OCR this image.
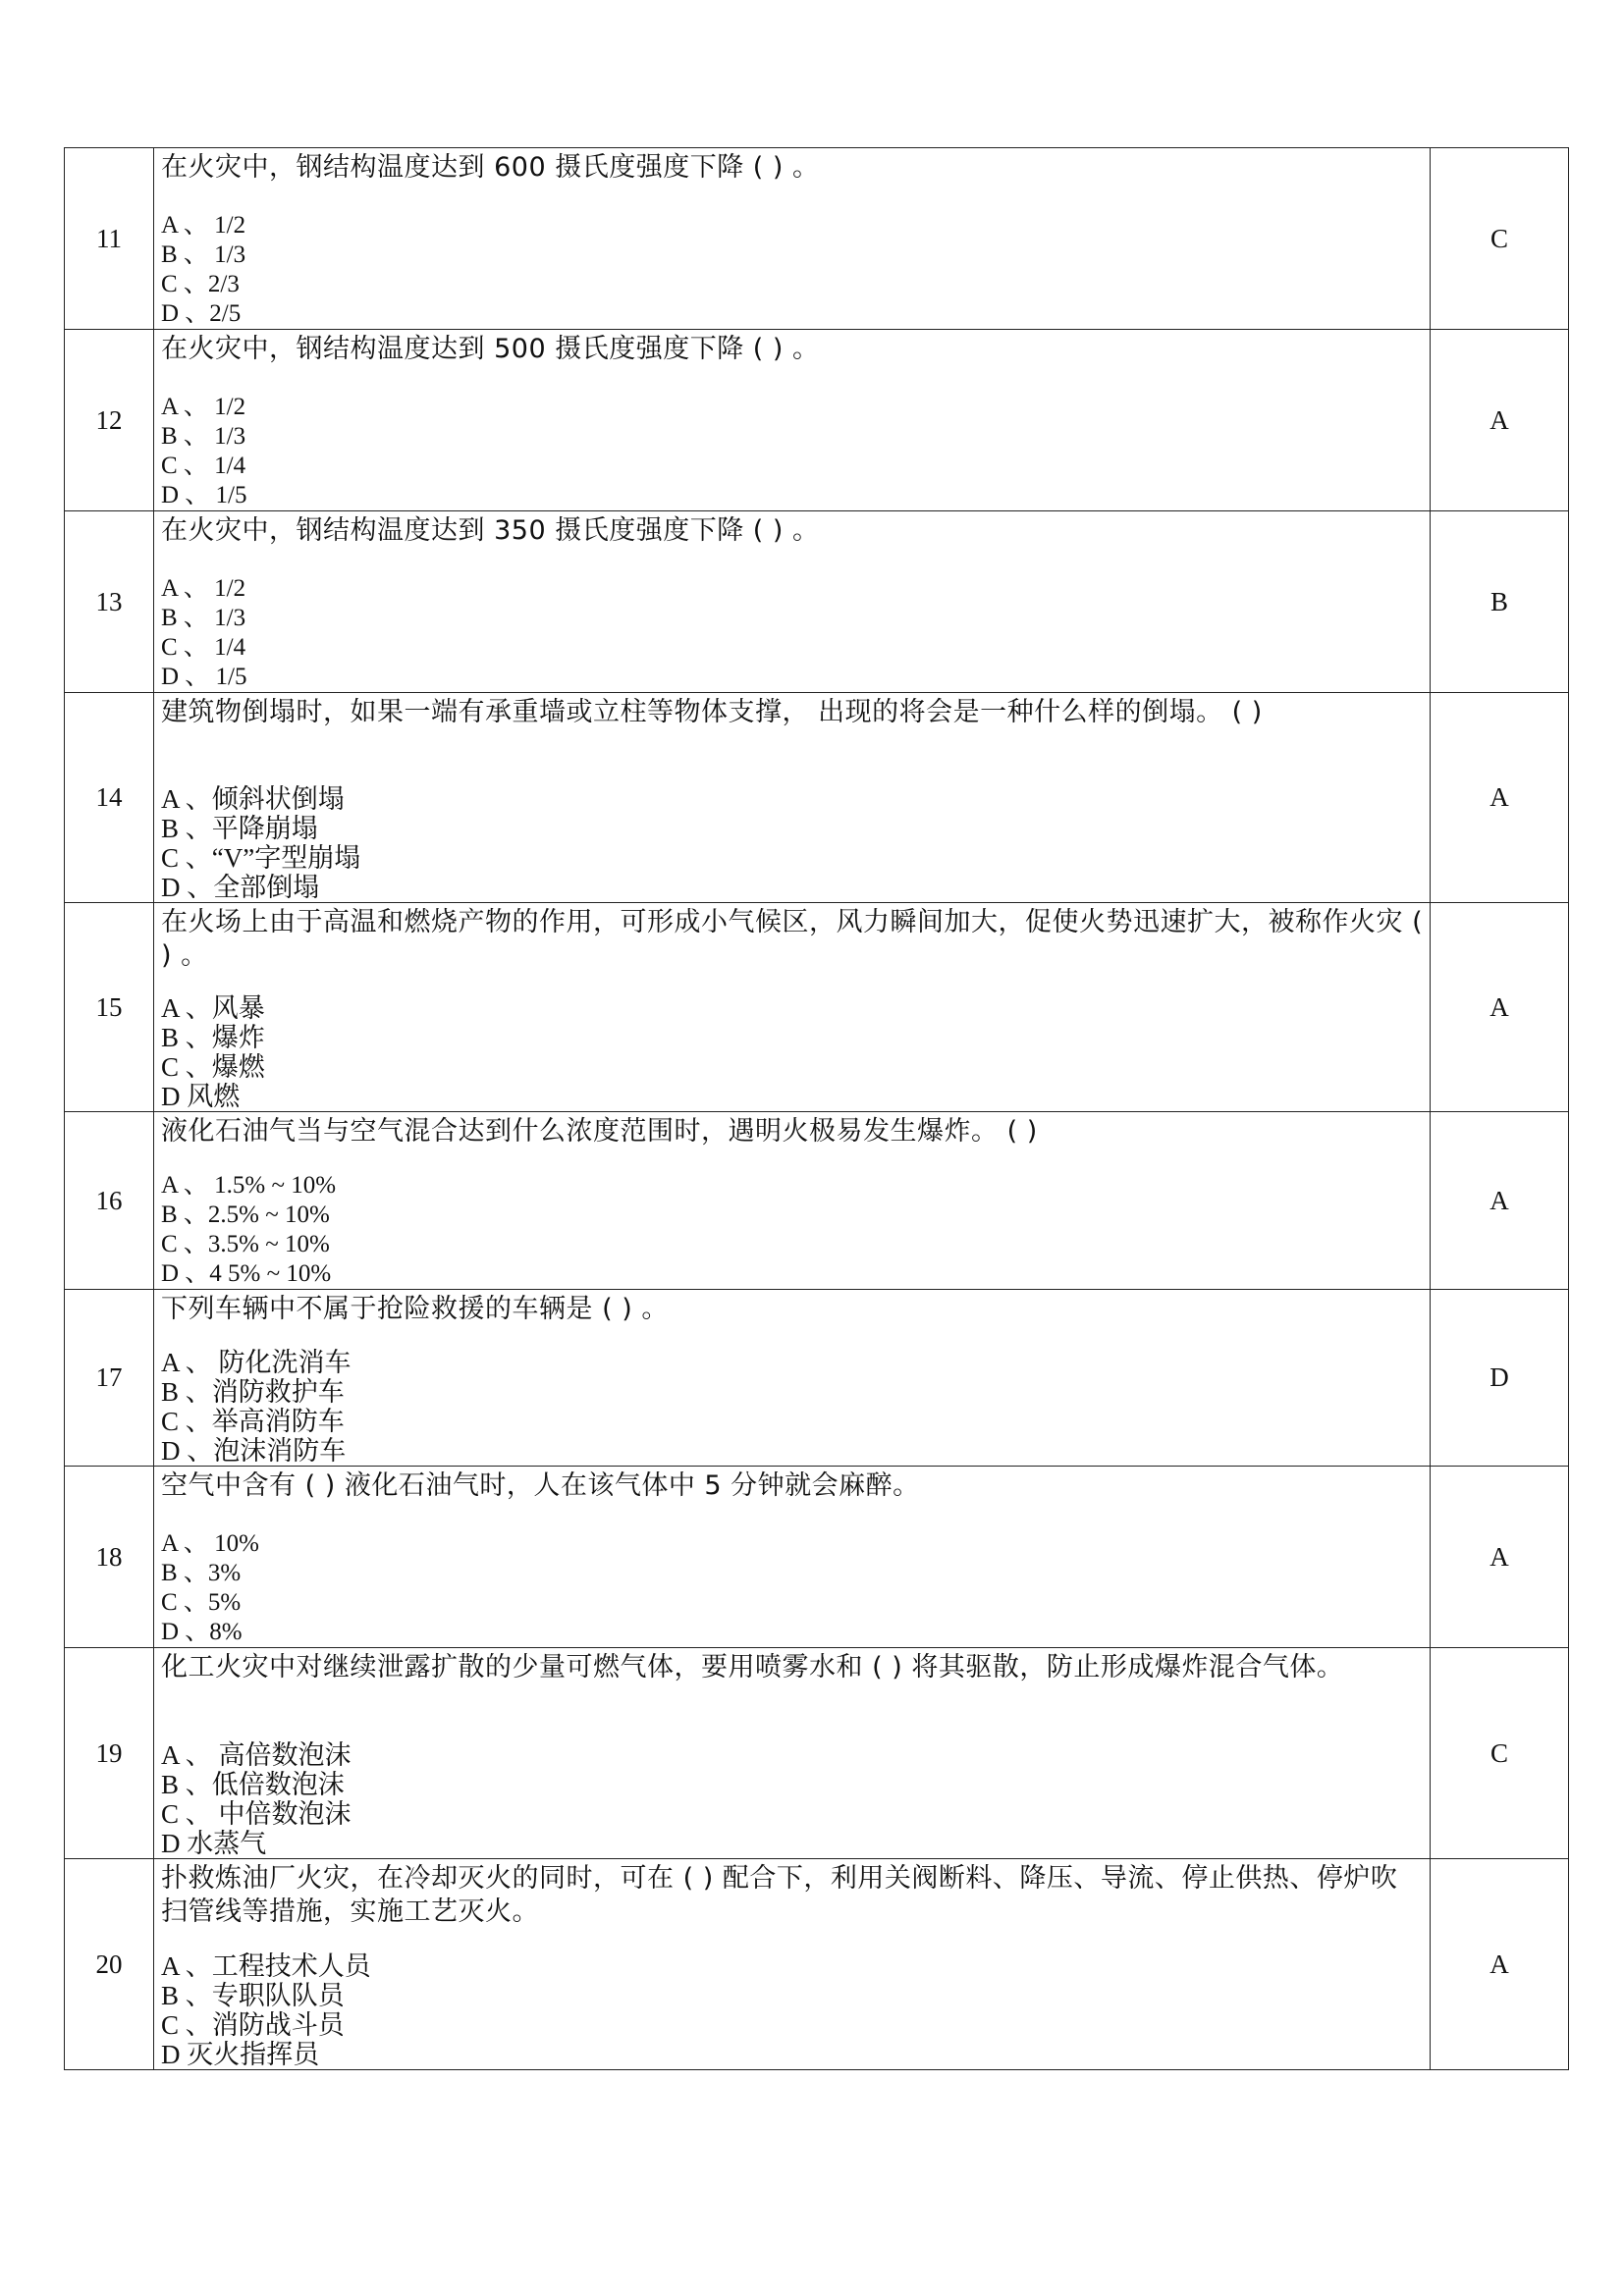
11	在火灾中，钢结构温度达到 600 摄氏度强度下降 ( ) 。
A 、 1/2
B 、 1/3
C 、2/3
D 、2/5	C
12	在火灾中，钢结构温度达到 500 摄氏度强度下降 ( ) 。
A 、 1/2
B 、 1/3
C 、 1/4
D 、 1/5	A
13	在火灾中，钢结构温度达到 350 摄氏度强度下降 ( ) 。
A 、 1/2
B 、 1/3
C 、 1/4
D 、 1/5	B
14	建筑物倒塌时，如果一端有承重墙或立柱等物体支撑， 出现的将会是一种什么样的倒塌。 ( )
A 、倾斜状倒塌
B 、平降崩塌
C 、“V”字型崩塌
D 、全部倒塌	A
15	在火场上由于高温和燃烧产物的作用，可形成小气候区，风力瞬间加大，促使火势迅速扩大，被称作火灾 ( ) 。
A 、风暴
B 、爆炸
C 、爆燃
D 风燃	A
16	液化石油气当与空气混合达到什么浓度范围时，遇明火极易发生爆炸。 ( )
A 、 1.5% ~ 10%
B 、2.5% ~ 10%
C 、3.5% ~ 10%
D 、4 5% ~ 10%	A
17	下列车辆中不属于抢险救援的车辆是 ( ) 。
A 、 防化洗消车
B 、消防救护车
C 、举高消防车
D 、泡沫消防车	D
18	空气中含有 ( ) 液化石油气时，人在该气体中 5 分钟就会麻醉。
A 、 10%
B 、3%
C 、5%
D 、8%	A
19	化工火灾中对继续泄露扩散的少量可燃气体，要用喷雾水和 ( ) 将其驱散，防止形成爆炸混合气体。
A 、 高倍数泡沫
B 、低倍数泡沫
C 、 中倍数泡沫
D 水蒸气	C
20	扑救炼油厂火灾，在冷却灭火的同时，可在 ( ) 配合下，利用关阀断料、降压、导流、停止供热、停炉吹扫管线等措施，实施工艺灭火。
A 、工程技术人员
B 、专职队队员
C 、消防战斗员
D 灭火指挥员	A
